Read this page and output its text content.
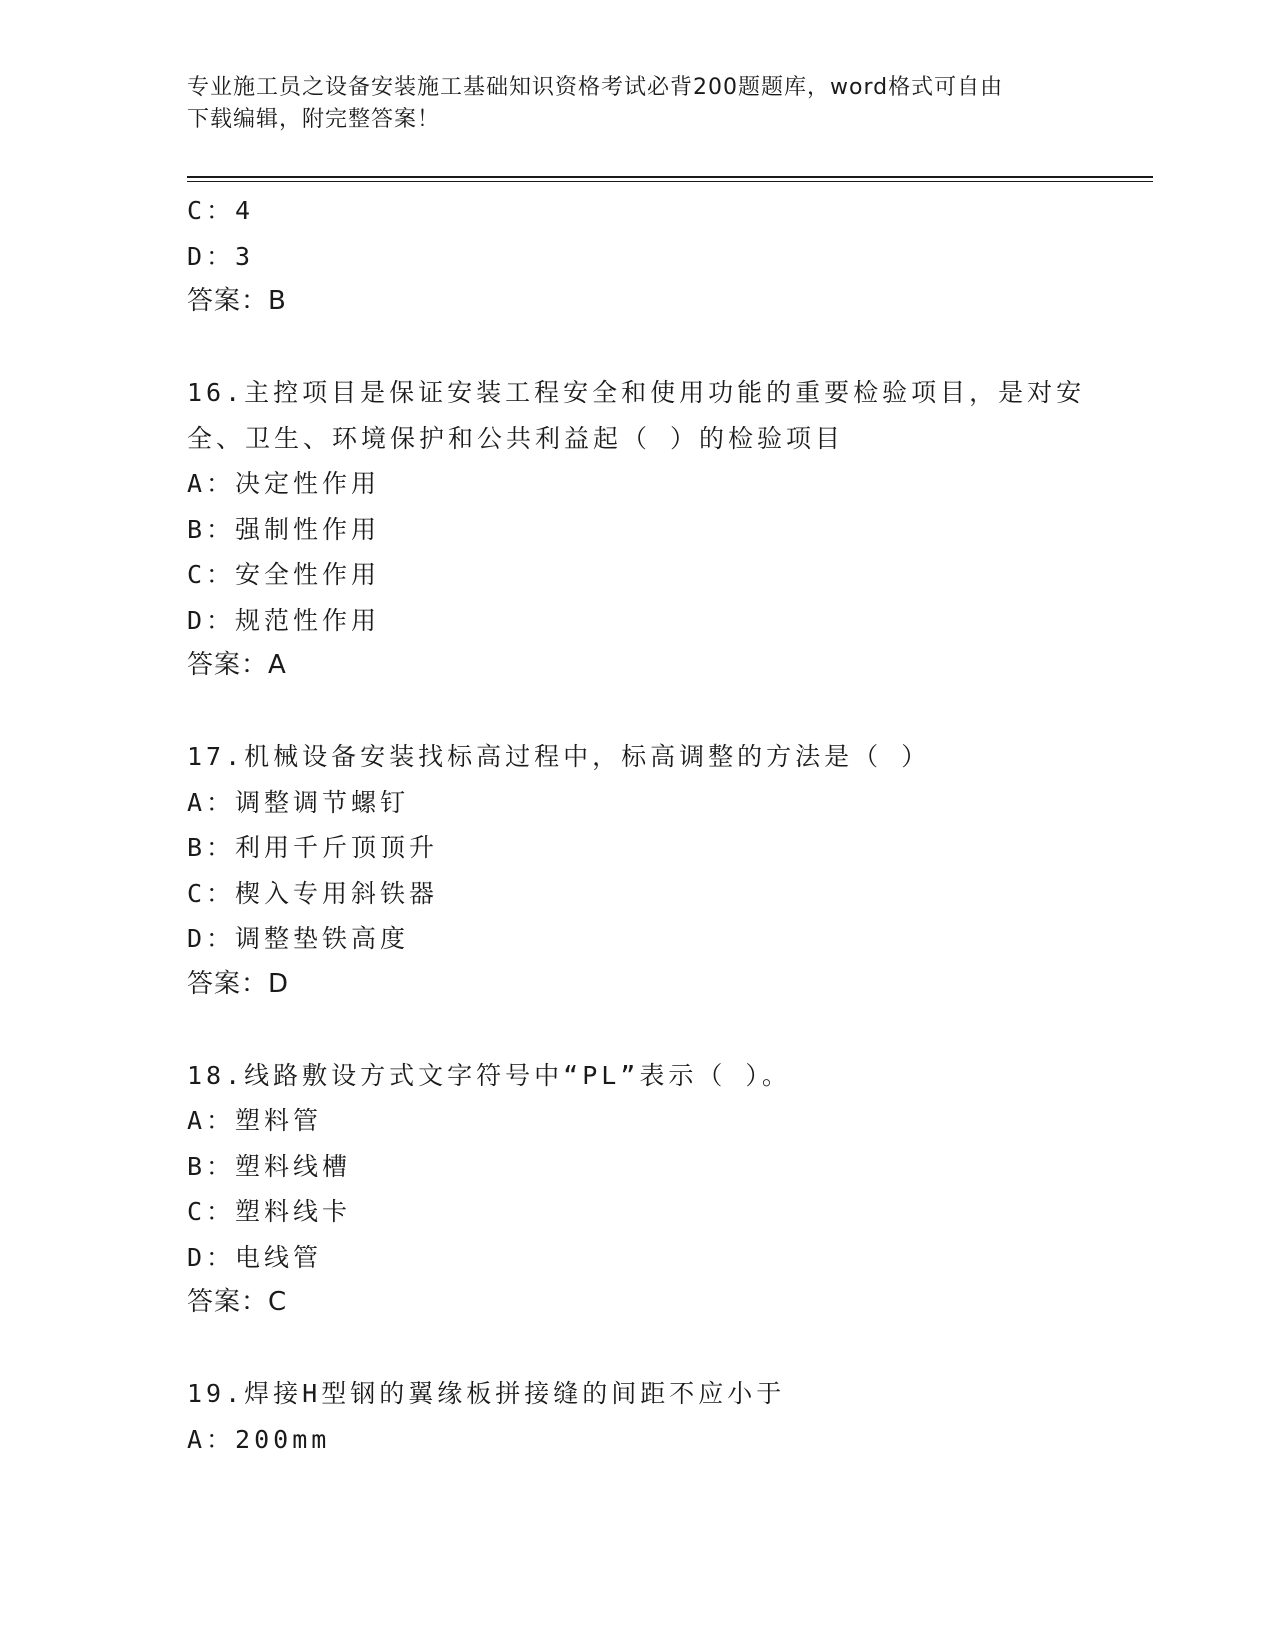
专业施工员之设备安装施工基础知识资格考试必背200题题库，word格式可自由
下载编辑，附完整答案！
C：4
D：3
答案：B
16.主控项目是保证安装工程安全和使用功能的重要检验项目，是对安
全、卫生、环境保护和公共利益起（ ）的检验项目
A：决定性作用
B：强制性作用
C：安全性作用
D：规范性作用
答案：A
17.机械设备安装找标高过程中，标高调整的方法是（ ）
A：调整调节螺钉
B：利用千斤顶顶升
C：楔入专用斜铁器
D：调整垫铁高度
答案：D
18.线路敷设方式文字符号中“PL”表示（ ）。
A：塑料管
B：塑料线槽
C：塑料线卡
D：电线管
答案：C
19.焊接H型钢的翼缘板拼接缝的间距不应小于
A：200mm
